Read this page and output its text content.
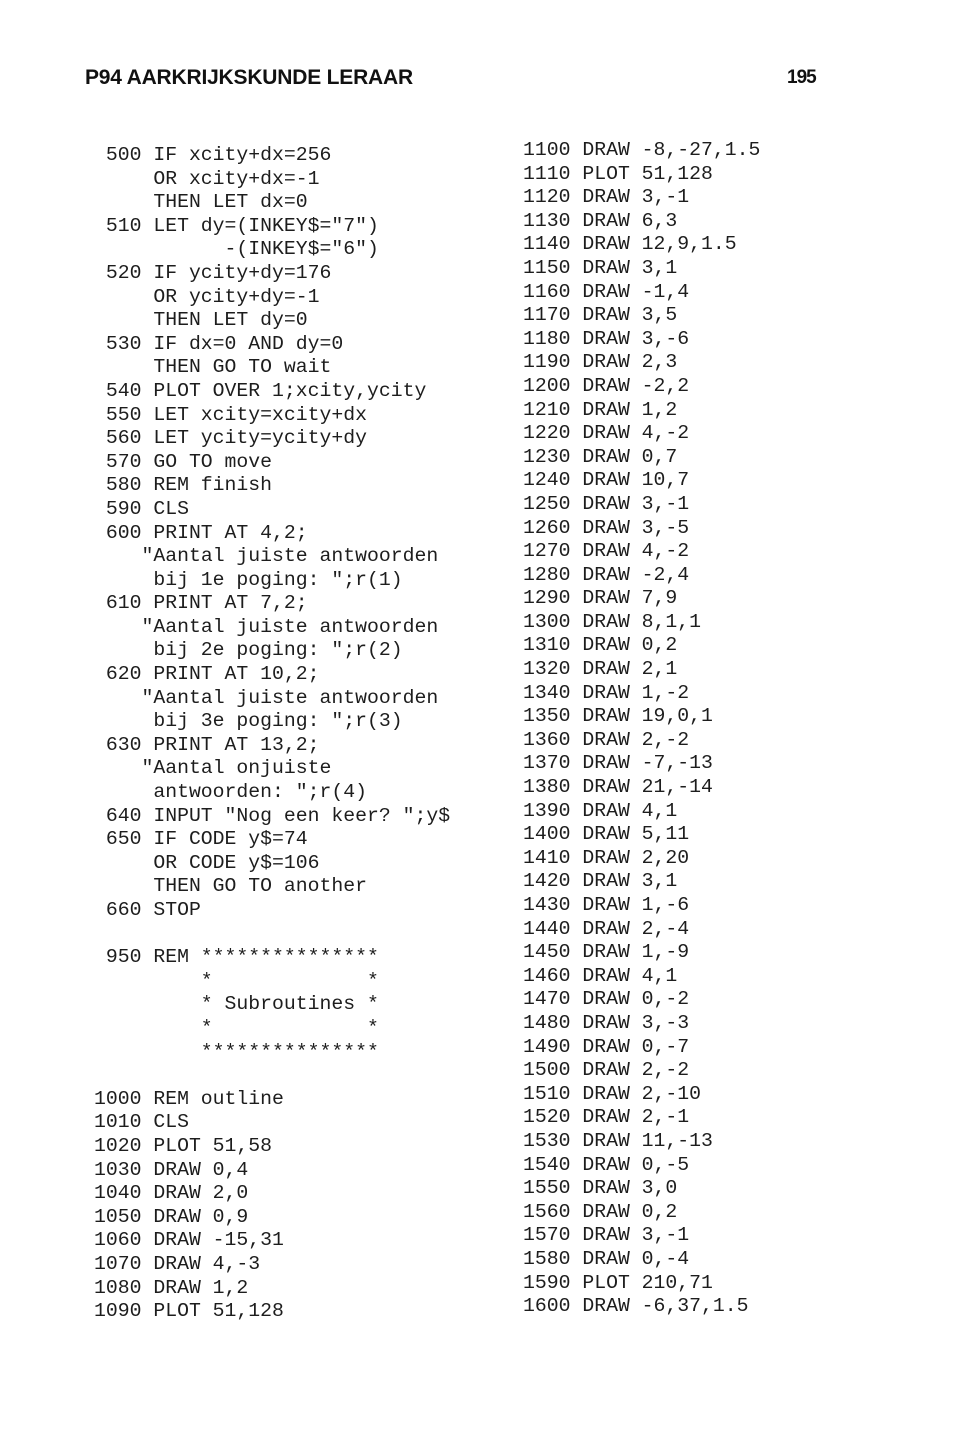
P94 AARKRIJKSKUNDE LERAAR	195
500 IF xcity+dx=256
OR xcity+dx=-1
THEN LET dx=0
510 LET dy=(INKEY$="7")
-(INKEY$="6")
520 IF ycity+dy=176
OR ycity+dy=-1
THEN LET dy=0
530 IF dx=0 AND dy=0
THEN GO TO wait
540 PLOT OVER 1;xcity,ycity
550 LET xcity=xcity+dx
560 LET ycity=ycity+dy
570 GO TO move
580 REM finish
590 CLS
600 PRINT AT 4,2;
"Aantal juiste antwoorden
bij 1e poging: ";r(1)
610 PRINT AT 7,2;
"Aantal juiste antwoorden
bij 2e poging: ";r(2)
620 PRINT AT 10,2;
"Aantal juiste antwoorden
bij 3e poging: ";r(3)
630 PRINT AT 13,2;
"Aantal onjuiste
antwoorden: ";r(4)
640 INPUT "Nog een keer? ";y$
650 IF CODE y$=74
OR CODE y$=106
THEN GO TO another
660 STOP
950 REM ***************
*             *
* Subroutines *
*             *
***************
1000 REM outline
1010 CLS
1020 PLOT 51,58
1030 DRAW 0,4
1040 DRAW 2,0
1050 DRAW 0,9
1060 DRAW -15,31
1070 DRAW 4,-3
1080 DRAW 1,2
1090 PLOT 51,128
1100 DRAW -8,-27,1.5
1110 PLOT 51,128
1120 DRAW 3,-1
1130 DRAW 6,3
1140 DRAW 12,9,1.5
1150 DRAW 3,1
1160 DRAW -1,4
1170 DRAW 3,5
1180 DRAW 3,-6
1190 DRAW 2,3
1200 DRAW -2,2
1210 DRAW 1,2
1220 DRAW 4,-2
1230 DRAW 0,7
1240 DRAW 10,7
1250 DRAW 3,-1
1260 DRAW 3,-5
1270 DRAW 4,-2
1280 DRAW -2,4
1290 DRAW 7,9
1300 DRAW 8,1,1
1310 DRAW 0,2
1320 DRAW 2,1
1340 DRAW 1,-2
1350 DRAW 19,0,1
1360 DRAW 2,-2
1370 DRAW -7,-13
1380 DRAW 21,-14
1390 DRAW 4,1
1400 DRAW 5,11
1410 DRAW 2,20
1420 DRAW 3,1
1430 DRAW 1,-6
1440 DRAW 2,-4
1450 DRAW 1,-9
1460 DRAW 4,1
1470 DRAW 0,-2
1480 DRAW 3,-3
1490 DRAW 0,-7
1500 DRAW 2,-2
1510 DRAW 2,-10
1520 DRAW 2,-1
1530 DRAW 11,-13
1540 DRAW 0,-5
1550 DRAW 3,0
1560 DRAW 0,2
1570 DRAW 3,-1
1580 DRAW 0,-4
1590 PLOT 210,71
1600 DRAW -6,37,1.5
